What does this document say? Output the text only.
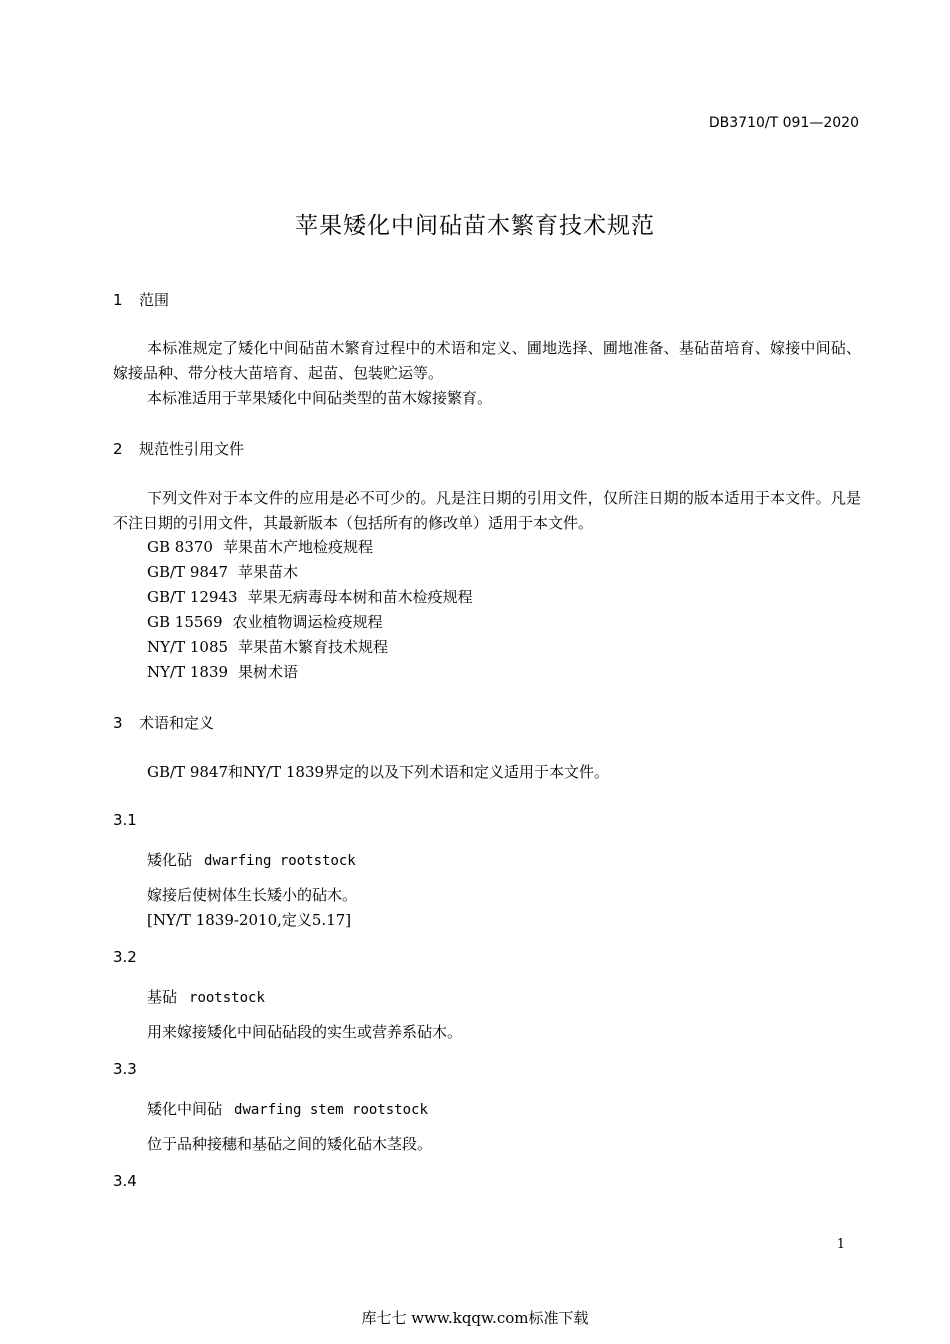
DB3710/T 091—2020
苹果矮化中间砧苗木繁育技术规范
1 范围

本标准规定了矮化中间砧苗木繁育过程中的术语和定义、圃地选择、圃地准备、基砧苗培育、嫁接中间砧、嫁接品种、带分枝大苗培育、起苗、包装贮运等。

本标准适用于苹果矮化中间砧类型的苗木嫁接繁育。

2 规范性引用文件

下列文件对于本文件的应用是必不可少的。凡是注日期的引用文件，仅所注日期的版本适用于本文件。凡是不注日期的引用文件，其最新版本（包括所有的修改单）适用于本文件。

GB 8370 苹果苗木产地检疫规程
GB/T 9847 苹果苗木
GB/T 12943 苹果无病毒母本树和苗木检疫规程
GB 15569 农业植物调运检疫规程
NY/T 1085 苹果苗木繁育技术规程
NY/T 1839 果树术语
3 术语和定义
GB/T 9847和NY/T 1839界定的以及下列术语和定义适用于本文件。
3.1
矮化砧 dwarfing rootstock
嫁接后使树体生长矮小的砧木。
[NY/T 1839-2010,定义5.17]
3.2
基砧 rootstock
用来嫁接矮化中间砧砧段的实生或营养系砧木。
3.3
矮化中间砧 dwarfing stem rootstock
位于品种接穗和基砧之间的矮化砧木茎段。
3.4
1
库七七 www.kqqw.com标准下载
